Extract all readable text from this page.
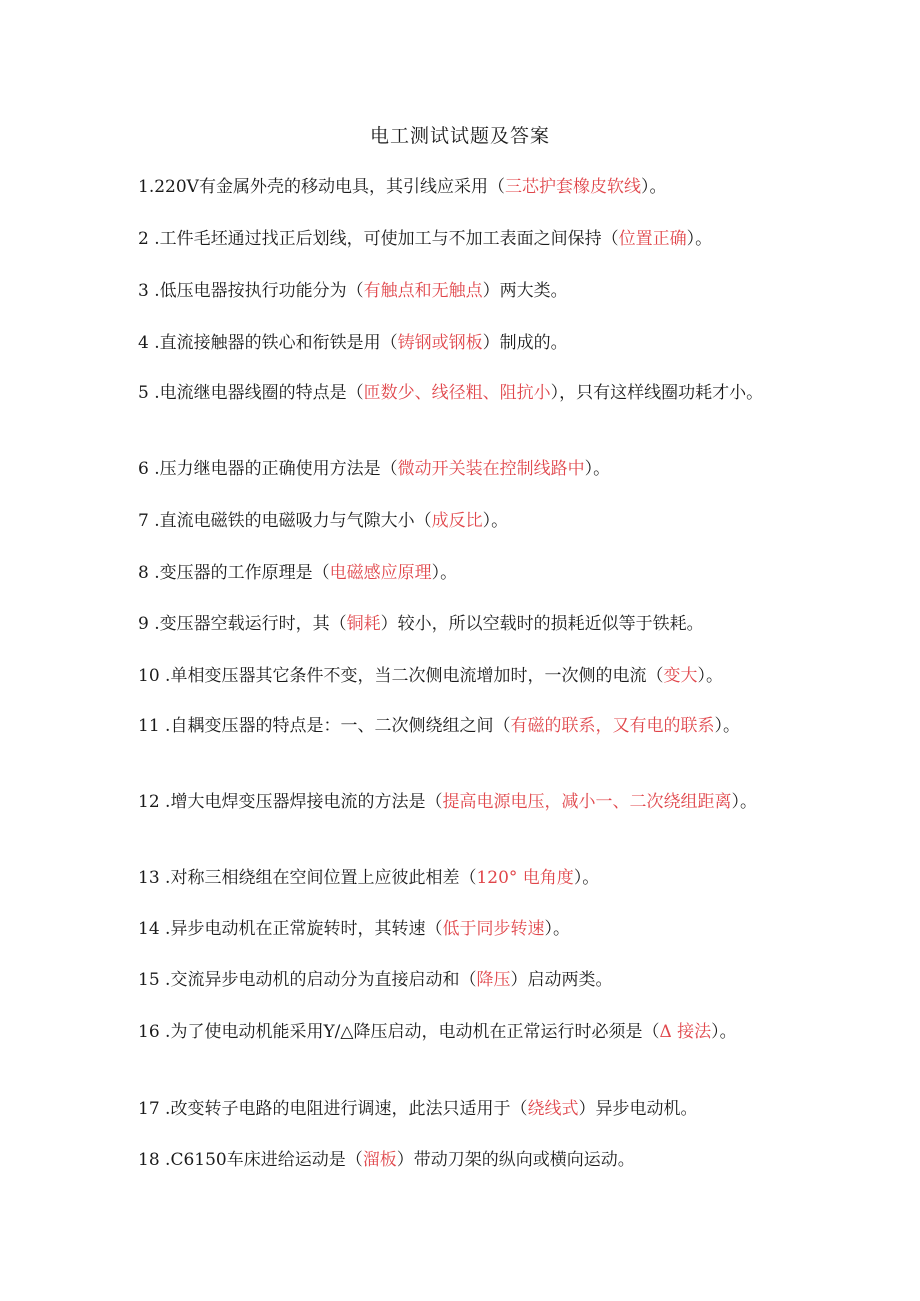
电工测试试题及答案
1.220V有金属外壳的移动电具，其引线应采用（三芯护套橡皮软线）。
2 .工件毛坯通过找正后划线，可使加工与不加工表面之间保持（位置正确）。
3 .低压电器按执行功能分为（有触点和无触点）两大类。
4 .直流接触器的铁心和衔铁是用（铸钢或钢板）制成的。
5 .电流继电器线圈的特点是（匝数少、线径粗、阻抗小），只有这样线圈功耗才小。
6 .压力继电器的正确使用方法是（微动开关装在控制线路中）。
7 .直流电磁铁的电磁吸力与气隙大小（成反比）。
8 .变压器的工作原理是（电磁感应原理）。
9 .变压器空载运行时，其（铜耗）较小，所以空载时的损耗近似等于铁耗。
10 .单相变压器其它条件不变，当二次侧电流增加时，一次侧的电流（变大）。
11 .自耦变压器的特点是：一、二次侧绕组之间（有磁的联系，又有电的联系）。
12 .增大电焊变压器焊接电流的方法是（提高电源电压，减小一、二次绕组距离）。
13 .对称三相绕组在空间位置上应彼此相差（120° 电角度）。
14 .异步电动机在正常旋转时，其转速（低于同步转速）。
15 .交流异步电动机的启动分为直接启动和（降压）启动两类。
16 .为了使电动机能采用Y/△降压启动，电动机在正常运行时必须是（Δ 接法）。
17 .改变转子电路的电阻进行调速，此法只适用于（绕线式）异步电动机。
18 .C6150车床进给运动是（溜板）带动刀架的纵向或横向运动。
